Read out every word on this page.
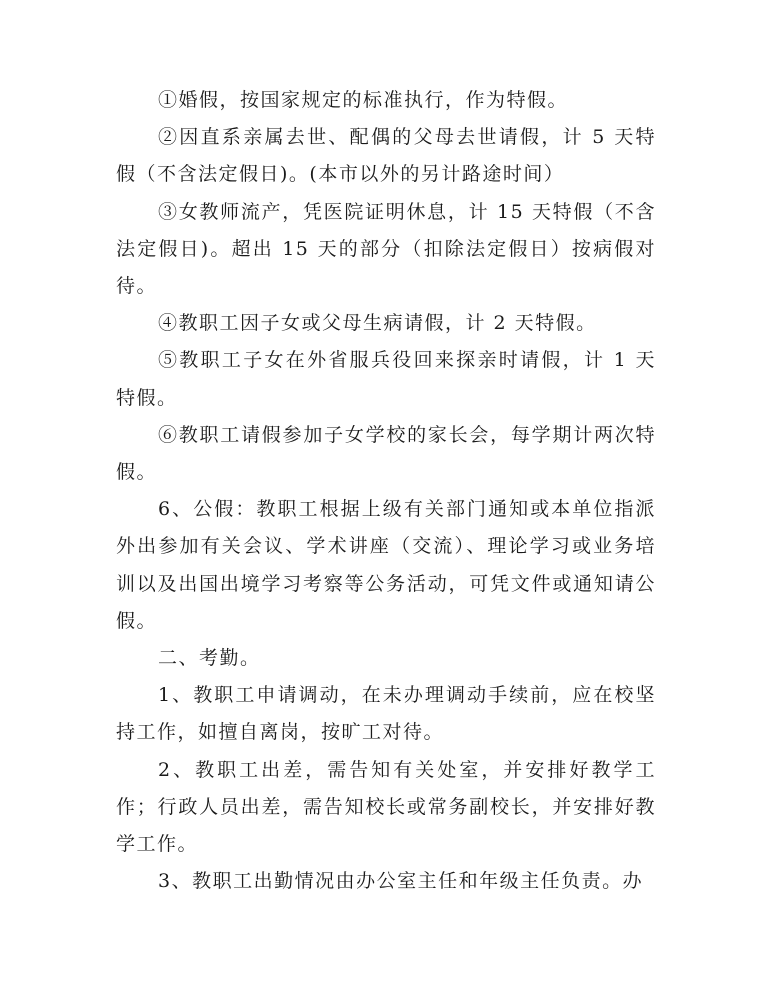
①婚假，按国家规定的标准执行，作为特假。

②因直系亲属去世、配偶的父母去世请假，计 5 天特假（不含法定假日)。(本市以外的另计路途时间）

③女教师流产，凭医院证明休息，计 15 天特假（不含法定假日)。超出 15 天的部分（扣除法定假日）按病假对待。

④教职工因子女或父母生病请假，计 2 天特假。

⑤教职工子女在外省服兵役回来探亲时请假，计 1 天特假。

⑥教职工请假参加子女学校的家长会，每学期计两次特假。

6、公假：教职工根据上级有关部门通知或本单位指派外出参加有关会议、学术讲座（交流）、理论学习或业务培训以及出国出境学习考察等公务活动，可凭文件或通知请公假。

二、考勤。

1、教职工申请调动，在未办理调动手续前，应在校坚持工作，如擅自离岗，按旷工对待。

2、教职工出差，需告知有关处室，并安排好教学工作；行政人员出差，需告知校长或常务副校长，并安排好教学工作。

3、教职工出勤情况由办公室主任和年级主任负责。办
